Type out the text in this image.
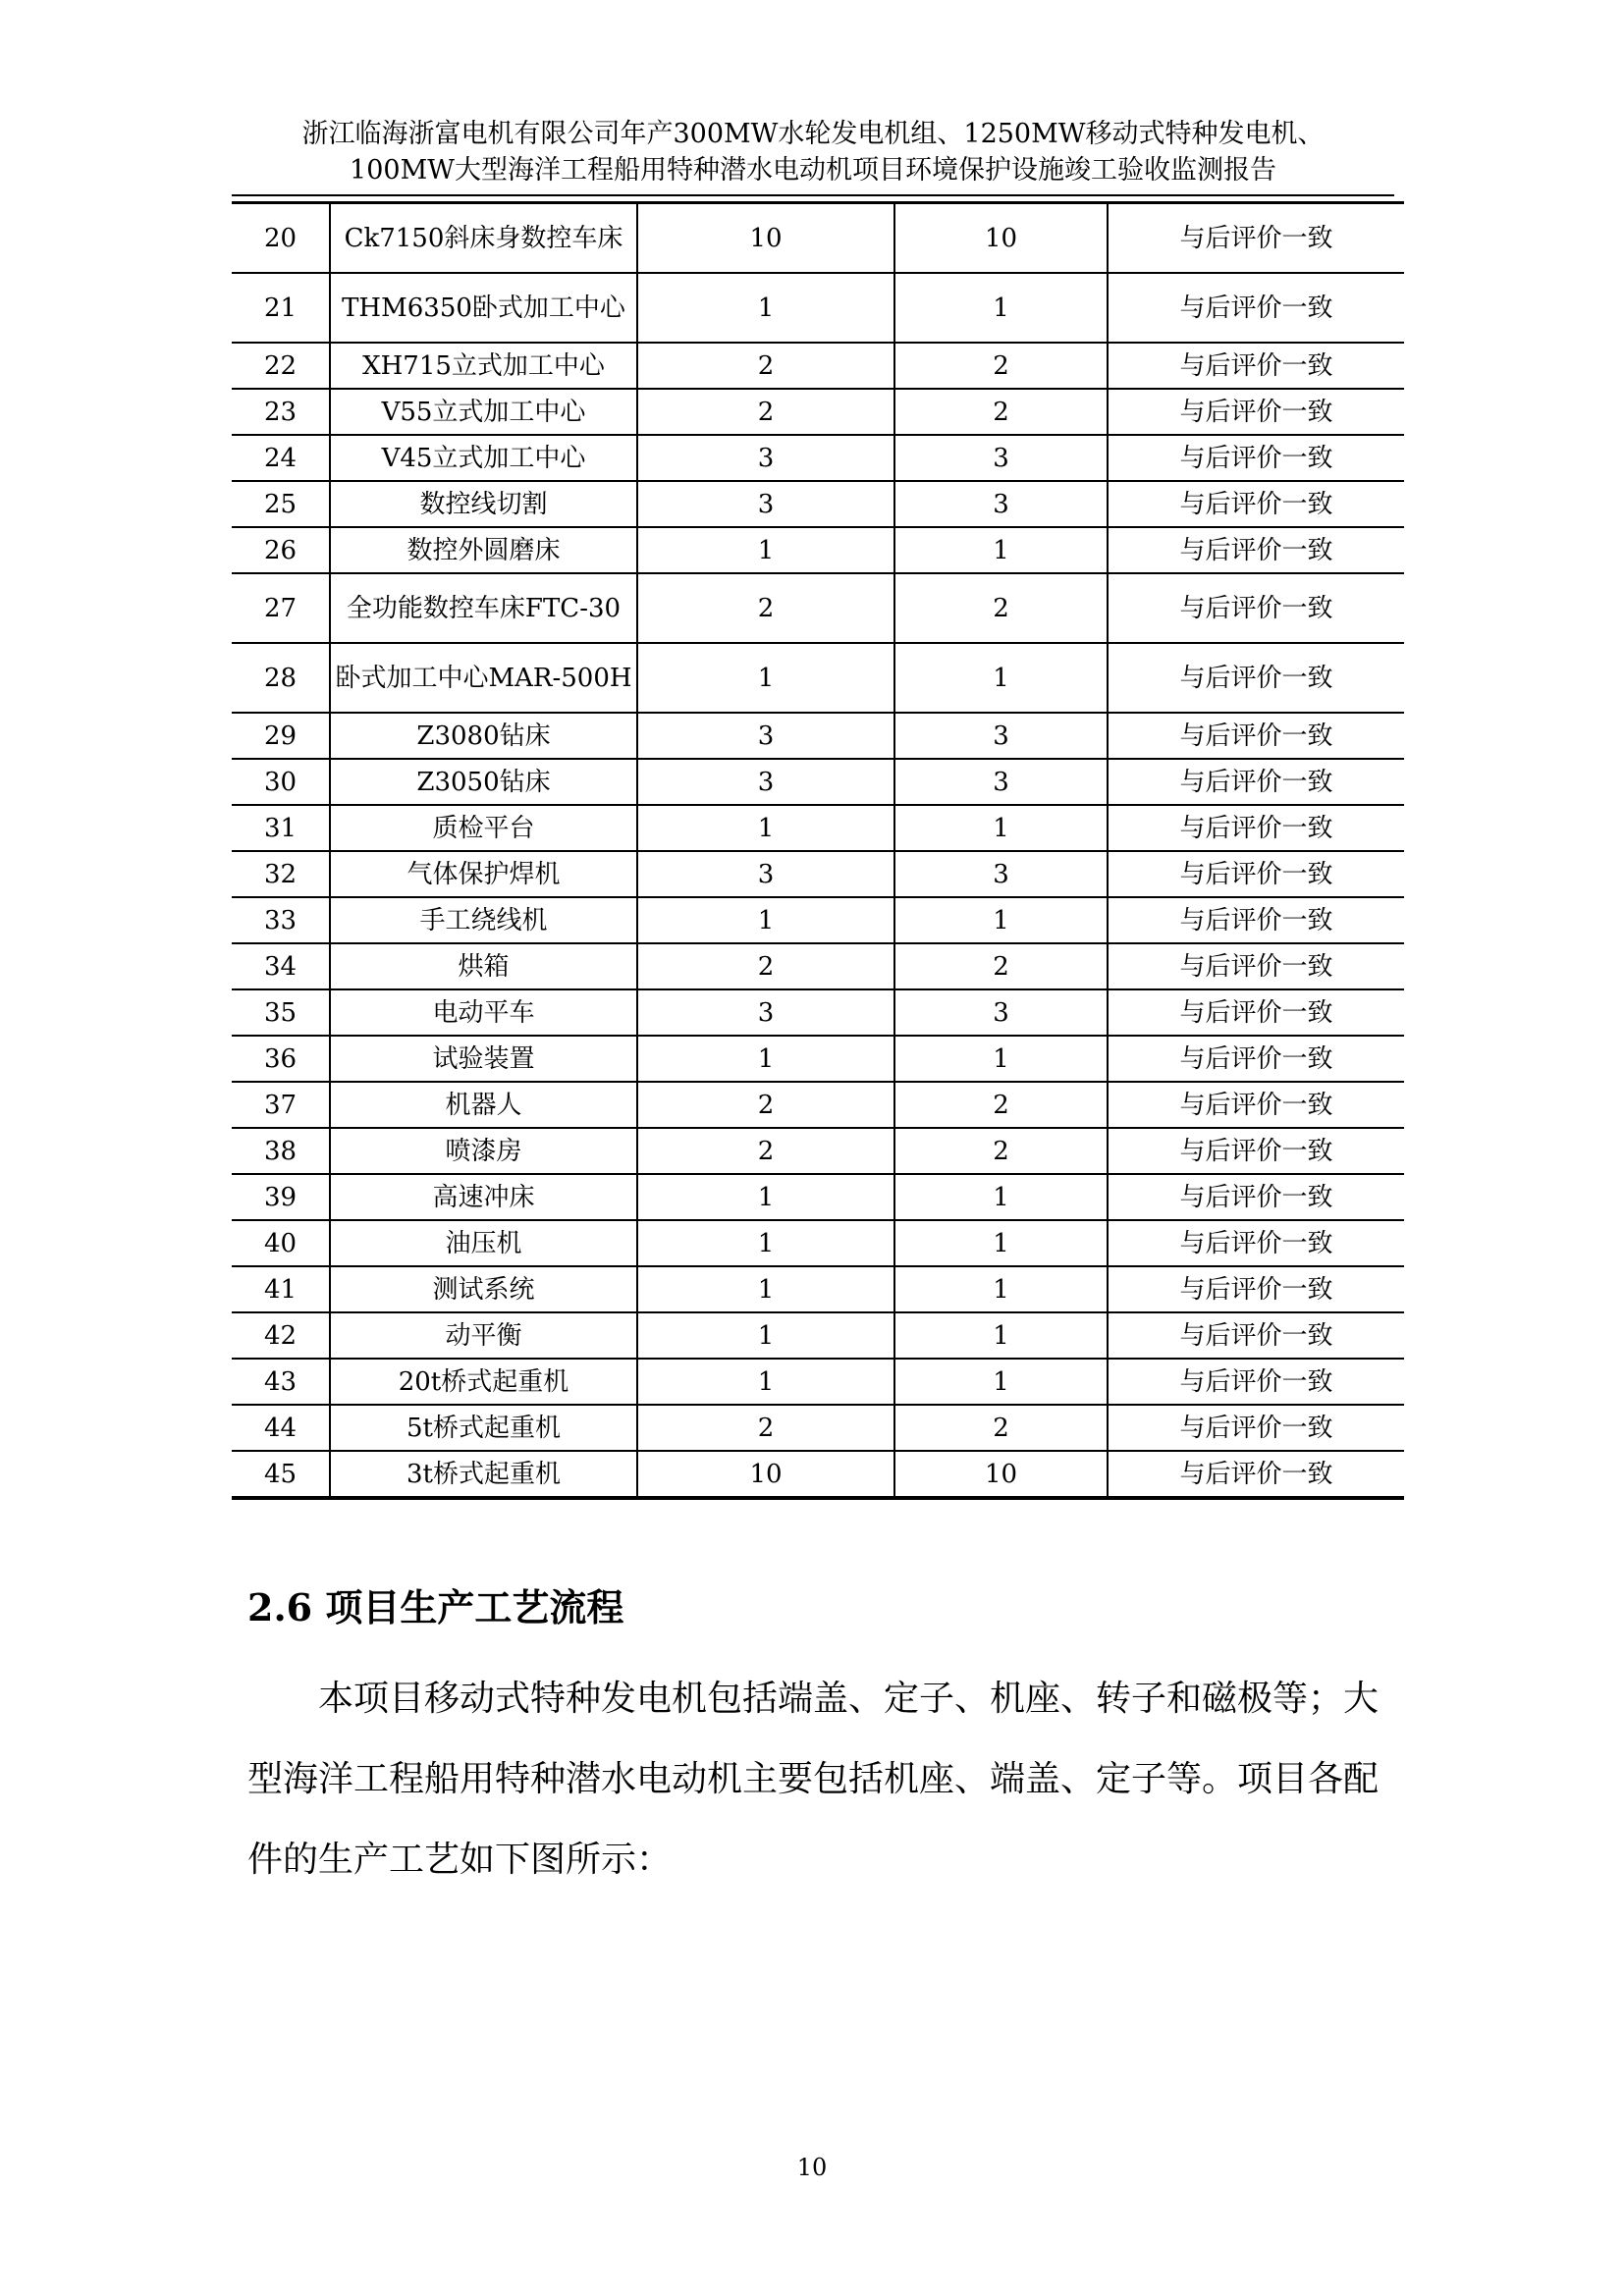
浙江临海浙富电机有限公司年产300MW水轮发电机组、1250MW移动式特种发电机、
100MW大型海洋工程船用特种潜水电动机项目环境保护设施竣工验收监测报告
20	Ck7150斜床身数控车床	10	10	与后评价一致
21	THM6350卧式加工中心	1	1	与后评价一致
22	XH715立式加工中心	2	2	与后评价一致
23	V55立式加工中心	2	2	与后评价一致
24	V45立式加工中心	3	3	与后评价一致
25	数控线切割	3	3	与后评价一致
26	数控外圆磨床	1	1	与后评价一致
27	全功能数控车床FTC-30	2	2	与后评价一致
28	卧式加工中心MAR-500H	1	1	与后评价一致
29	Z3080钻床	3	3	与后评价一致
30	Z3050钻床	3	3	与后评价一致
31	质检平台	1	1	与后评价一致
32	气体保护焊机	3	3	与后评价一致
33	手工绕线机	1	1	与后评价一致
34	烘箱	2	2	与后评价一致
35	电动平车	3	3	与后评价一致
36	试验装置	1	1	与后评价一致
37	机器人	2	2	与后评价一致
38	喷漆房	2	2	与后评价一致
39	高速冲床	1	1	与后评价一致
40	油压机	1	1	与后评价一致
41	测试系统	1	1	与后评价一致
42	动平衡	1	1	与后评价一致
43	20t桥式起重机	1	1	与后评价一致
44	5t桥式起重机	2	2	与后评价一致
45	3t桥式起重机	10	10	与后评价一致
2.6 项目生产工艺流程

本项目移动式特种发电机包括端盖、定子、机座、转子和磁极等；大型海洋工程船用特种潜水电动机主要包括机座、端盖、定子等。项目各配件的生产工艺如下图所示：

10
